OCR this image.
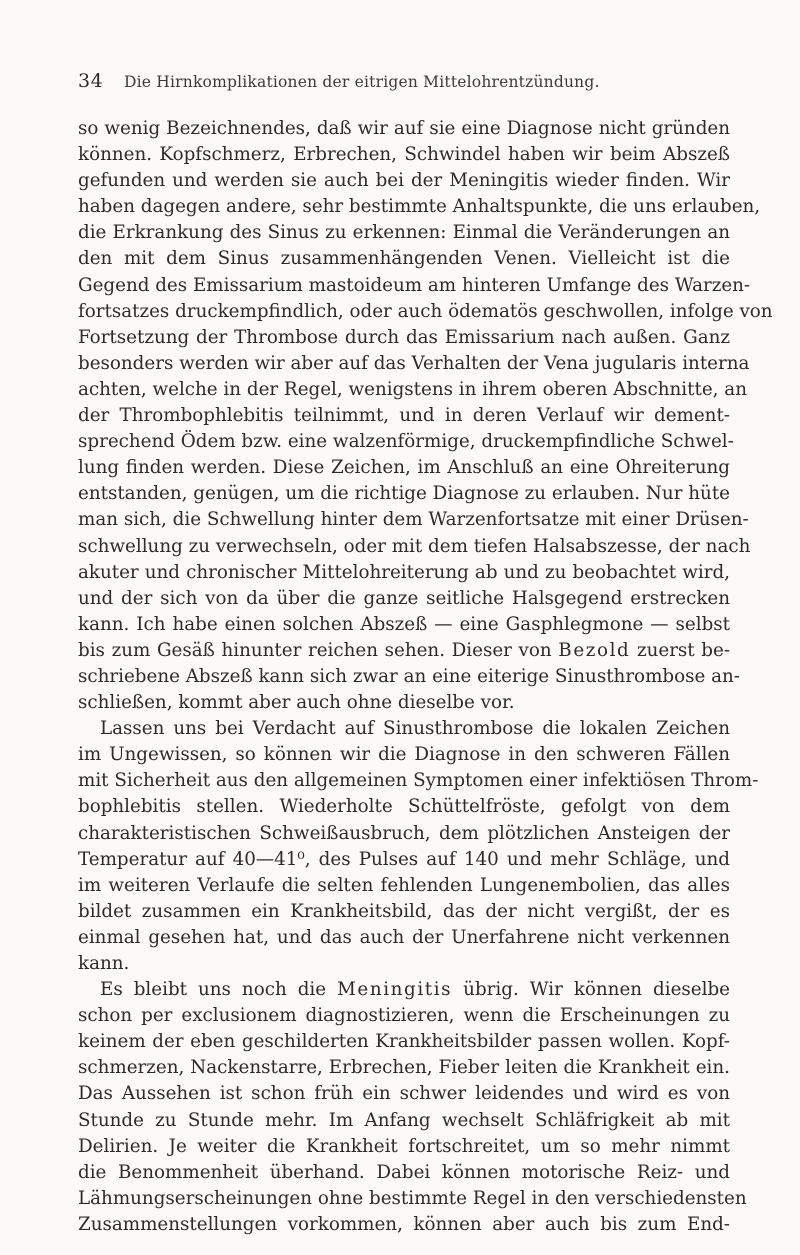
34	Die Hirnkomplikationen der eitrigen Mittelohrentzündung.
so wenig Bezeichnendes, daß wir auf sie eine Diagnose nicht gründen
können. Kopfschmerz, Erbrechen, Schwindel haben wir beim Abszeß
gefunden und werden sie auch bei der Meningitis wieder finden. Wir
haben dagegen andere, sehr bestimmte Anhaltspunkte, die uns erlauben,
die Erkrankung des Sinus zu erkennen: Einmal die Veränderungen an
den mit dem Sinus zusammenhängenden Venen. Vielleicht ist die
Gegend des Emissarium mastoideum am hinteren Umfange des Warzen-
fortsatzes druckempfindlich, oder auch ödematös geschwollen, infolge von
Fortsetzung der Thrombose durch das Emissarium nach außen. Ganz
besonders werden wir aber auf das Verhalten der Vena jugularis interna
achten, welche in der Regel, wenigstens in ihrem oberen Abschnitte, an
der Thrombophlebitis teilnimmt, und in deren Verlauf wir dement-
sprechend Ödem bzw. eine walzenförmige, druckempfindliche Schwel-
lung finden werden. Diese Zeichen, im Anschluß an eine Ohreiterung
entstanden, genügen, um die richtige Diagnose zu erlauben. Nur hüte
man sich, die Schwellung hinter dem Warzenfortsatze mit einer Drüsen-
schwellung zu verwechseln, oder mit dem tiefen Halsabszesse, der nach
akuter und chronischer Mittelohreiterung ab und zu beobachtet wird,
und der sich von da über die ganze seitliche Halsgegend erstrecken
kann. Ich habe einen solchen Abszeß — eine Gasphlegmone — selbst
bis zum Gesäß hinunter reichen sehen. Dieser von Bezold zuerst be-
schriebene Abszeß kann sich zwar an eine eiterige Sinusthrombose an-
schließen, kommt aber auch ohne dieselbe vor.
Lassen uns bei Verdacht auf Sinusthrombose die lokalen Zeichen
im Ungewissen, so können wir die Diagnose in den schweren Fällen
mit Sicherheit aus den allgemeinen Symptomen einer infektiösen Throm-
bophlebitis stellen. Wiederholte Schüttelfröste, gefolgt von dem
charakteristischen Schweißausbruch, dem plötzlichen Ansteigen der
Temperatur auf 40—41⁰, des Pulses auf 140 und mehr Schläge, und
im weiteren Verlaufe die selten fehlenden Lungenembolien, das alles
bildet zusammen ein Krankheitsbild, das der nicht vergißt, der es
einmal gesehen hat, und das auch der Unerfahrene nicht verkennen
kann.
Es bleibt uns noch die Meningitis übrig. Wir können dieselbe
schon per exclusionem diagnostizieren, wenn die Erscheinungen zu
keinem der eben geschilderten Krankheitsbilder passen wollen. Kopf-
schmerzen, Nackenstarre, Erbrechen, Fieber leiten die Krankheit ein.
Das Aussehen ist schon früh ein schwer leidendes und wird es von
Stunde zu Stunde mehr. Im Anfang wechselt Schläfrigkeit ab mit
Delirien. Je weiter die Krankheit fortschreitet, um so mehr nimmt
die Benommenheit überhand. Dabei können motorische Reiz- und
Lähmungserscheinungen ohne bestimmte Regel in den verschiedensten
Zusammenstellungen vorkommen, können aber auch bis zum End-
